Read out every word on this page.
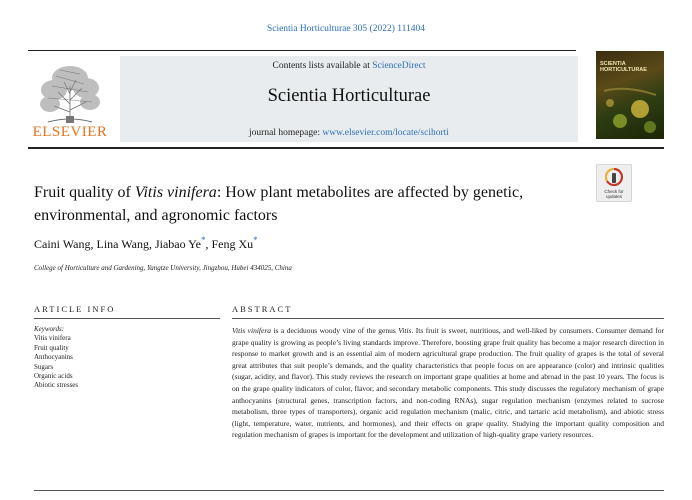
Scientia Horticulturae 305 (2022) 111404
ELSEVIER
Contents lists available at ScienceDirect
Scientia Horticulturae
journal homepage: www.elsevier.com/locate/scihorti
SCIENTIA HORTICULTURAE
Check for updates
Fruit quality of Vitis vinifera: How plant metabolites are affected by genetic, environmental, and agronomic factors
Caini Wang, Lina Wang, Jiabao Ye*, Feng Xu*
College of Horticulture and Gardening, Yangtze University, Jingzhou, Hubei 434025, China
ARTICLE INFO	ABSTRACT
Keywords:
Vitis vinifera
Fruit quality
Anthocyanins
Sugars
Organic acids
Abiotic stresses
Vitis vinifera is a deciduous woody vine of the genus Vitis. Its fruit is sweet, nutritious, and well-liked by consumers. Consumer demand for grape quality is growing as people’s living standards improve. Therefore, boosting grape fruit quality has become a major research direction in response to market growth and is an essential aim of modern agricultural grape production. The fruit quality of grapes is the total of several great attributes that suit people’s demands, and the quality characteristics that people focus on are appearance (color) and intrinsic qualities (sugar, acidity, and flavor). This study reviews the research on important grape qualities at home and abroad in the past 10 years. The focus is on the grape quality indicators of color, flavor, and secondary metabolic components. This study discusses the regulatory mechanism of grape anthocyanins (structural genes, transcription factors, and non-coding RNAs), sugar regulation mechanism (enzymes related to sucrose metabolism, three types of transporters), organic acid regulation mechanism (malic, citric, and tartaric acid metabolism), and abiotic stress (light, temperature, water, nutrients, and hormones), and their effects on grape quality. Studying the important quality composition and regulation mechanism of grapes is important for the development and utilization of high-quality grape variety resources.
